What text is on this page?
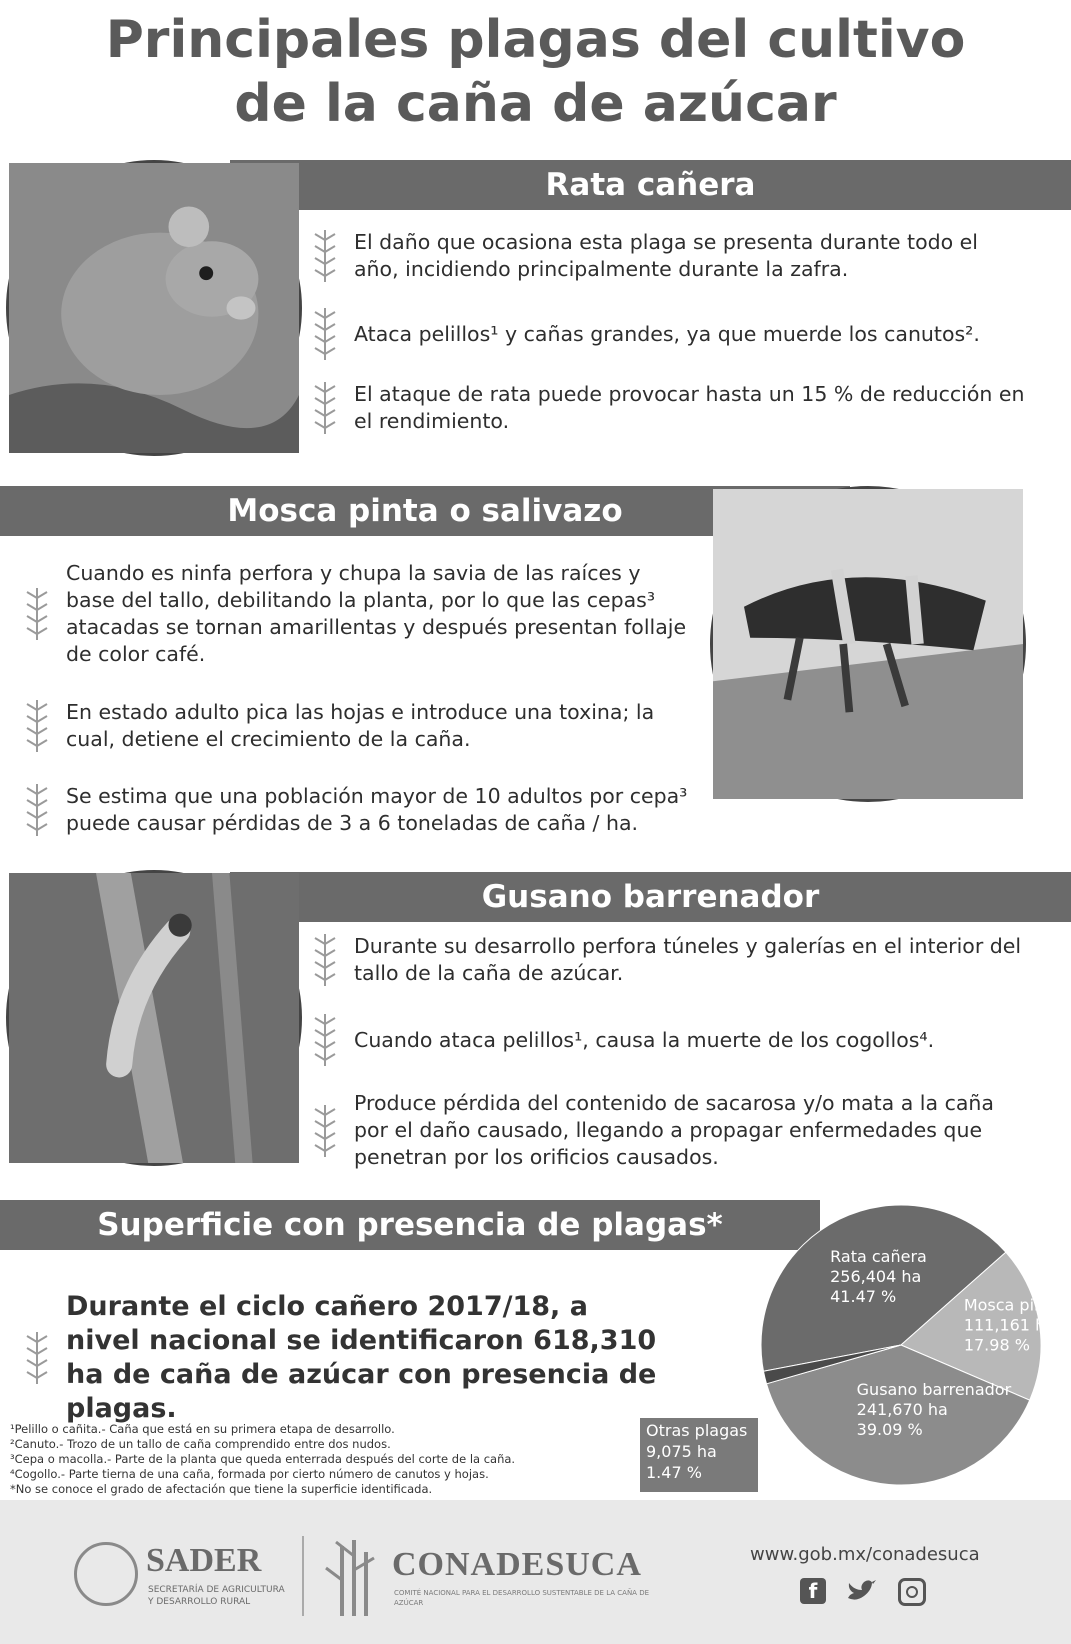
Principales plagas del cultivo
de la caña de azúcar
Rata cañera
El daño que ocasiona esta plaga se presenta durante todo el año, incidiendo principalmente durante la zafra.
Ataca pelillos¹ y cañas grandes, ya que muerde los canutos².
El ataque de rata puede provocar hasta un 15 % de reducción en el rendimiento.
Mosca pinta o salivazo
Cuando es ninfa perfora y chupa la savia de las raíces y base del tallo, debilitando la planta, por lo que las cepas³ atacadas se tornan amarillentas y después presentan follaje de color café.
En estado adulto pica las hojas e introduce una toxina; la cual, detiene el crecimiento de la caña.
Se estima que una población mayor de 10 adultos por cepa³ puede causar pérdidas de 3 a 6 toneladas de caña / ha.
Gusano barrenador
Durante su desarrollo perfora túneles y galerías en el interior del tallo de la caña de azúcar.
Cuando ataca pelillos¹, causa la muerte de los cogollos⁴.
Produce pérdida del contenido de sacarosa y/o mata a la caña por el daño causado, llegando a propagar enfermedades que penetran por los orificios causados.
Superficie con presencia de plagas*
Durante el ciclo cañero 2017/18, a nivel nacional se identificaron 618,310 ha de caña de azúcar con presencia de plagas.
Rata cañera
256,404 ha
41.47 %	Mosca pinta
111,161 ha
17.98 %
Gusano barrenador
241,670 ha
39.09 %
Otras plagas
9,075 ha
1.47 %
¹Pelillo o cañita.- Caña que está en su primera etapa de desarrollo.
²Canuto.- Trozo de un tallo de caña comprendido entre dos nudos.
³Cepa o macolla.- Parte de la planta que queda enterrada después del corte de la caña.
⁴Cogollo.- Parte tierna de una caña, formada por cierto número de canutos y hojas.
*No se conoce el grado de afectación que tiene la superficie identificada.
SADER
SECRETARÍA DE AGRICULTURA Y DESARROLLO RURAL
CONADESUCA
COMITÉ NACIONAL PARA EL DESARROLLO SUSTENTABLE DE LA CAÑA DE AZÚCAR
www.gob.mx/conadesuca
f
